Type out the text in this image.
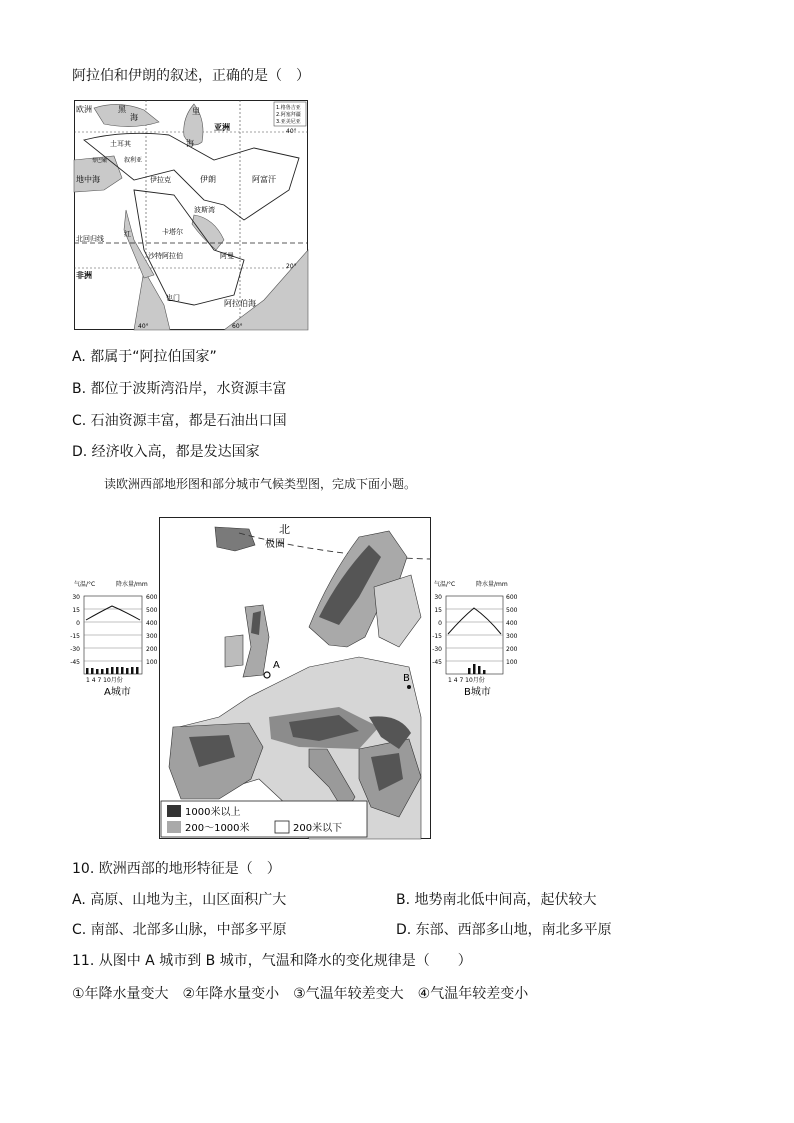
阿拉伯和伊朗的叙述，正确的是（　）
1.格鲁吉亚
2.阿塞拜疆
3.亚美尼亚
欧洲	黑
海
里
亚洲
土耳其	海
黎巴嫩	叙利亚
地中海	伊拉克	伊朗	阿富汗
波斯湾
卡塔尔
北回归线
红
沙特阿拉伯	阿曼
20°
40°
非洲
也门
阿拉伯海
40°	60°
A. 都属于“阿拉伯国家”
B. 都位于波斯湾沿岸，水资源丰富
C. 石油资源丰富，都是石油出口国
D. 经济收入高，都是发达国家
读欧洲西部地形图和部分城市气候类型图，完成下面小题。
北
极 圈
A
B
1000米以上
200～1000米	200米以下
气温/°C	降水量/mm
30
15
0
-15
-30
-45
600
500
400
300
200
100
1 4 7 10月份
A城市
气温/°C	降水量/mm
30
15
0
-15
-30
-45
600
500
400
300
200
100
1 4 7 10月份
B城市
10. 欧洲西部的地形特征是（　）
A. 高原、山地为主，山区面积广大	B. 地势南北低中间高，起伏较大
C. 南部、北部多山脉，中部多平原	D. 东部、西部多山地，南北多平原
11. 从图中 A 城市到 B 城市，气温和降水的变化规律是（　　）
①年降水量变大　②年降水量变小　③气温年较差变大　④气温年较差变小
